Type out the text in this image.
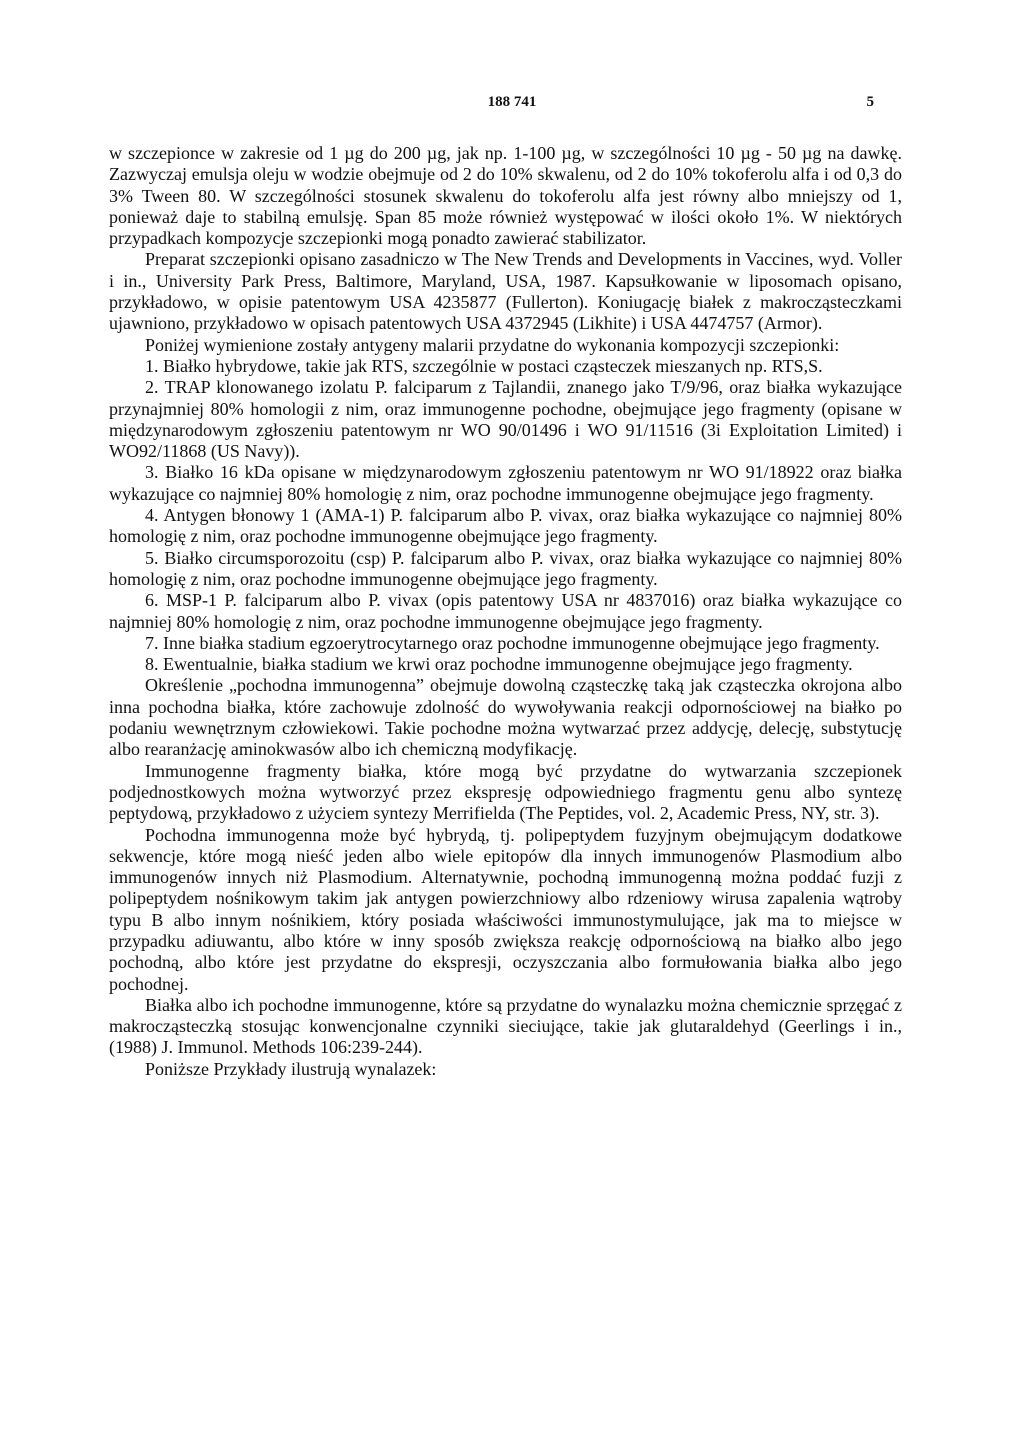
188 741	5

w szczepionce w zakresie od 1 µg do 200 µg, jak np. 1-100 µg, w szczególności 10 µg - 50 µg na dawkę. Zazwyczaj emulsja oleju w wodzie obejmuje od 2 do 10% skwalenu, od 2 do 10% tokoferolu alfa i od 0,3 do 3% Tween 80. W szczególności stosunek skwalenu do tokoferolu alfa jest równy albo mniejszy od 1, ponieważ daje to stabilną emulsję. Span 85 może również występować w ilości około 1%. W niektórych przypadkach kompozycje szczepionki mogą ponadto zawierać stabilizator.

Preparat szczepionki opisano zasadniczo w The New Trends and Developments in Vaccines, wyd. Voller i in., University Park Press, Baltimore, Maryland, USA, 1987. Kapsułkowanie w liposomach opisano, przykładowo, w opisie patentowym USA 4235877 (Fullerton). Koniugację białek z makrocząsteczkami ujawniono, przykładowo w opisach patentowych USA 4372945 (Likhite) i USA 4474757 (Armor).

Poniżej wymienione zostały antygeny malarii przydatne do wykonania kompozycji szczepionki:

1. Białko hybrydowe, takie jak RTS, szczególnie w postaci cząsteczek mieszanych np. RTS,S.

2. TRAP klonowanego izolatu P. falciparum z Tajlandii, znanego jako T/9/96, oraz białka wykazujące przynajmniej 80% homologii z nim, oraz immunogenne pochodne, obejmujące jego fragmenty (opisane w międzynarodowym zgłoszeniu patentowym nr WO 90/01496 i WO 91/11516 (3i Exploitation Limited) i WO92/11868 (US Navy)).

3. Białko 16 kDa opisane w międzynarodowym zgłoszeniu patentowym nr WO 91/18922 oraz białka wykazujące co najmniej 80% homologię z nim, oraz pochodne immunogenne obejmujące jego fragmenty.

4. Antygen błonowy 1 (AMA-1) P. falciparum albo P. vivax, oraz białka wykazujące co najmniej 80% homologię z nim, oraz pochodne immunogenne obejmujące jego fragmenty.

5. Białko circumsporozoitu (csp) P. falciparum albo P. vivax, oraz białka wykazujące co najmniej 80% homologię z nim, oraz pochodne immunogenne obejmujące jego fragmenty.

6. MSP-1 P. falciparum albo P. vivax (opis patentowy USA nr 4837016) oraz białka wykazujące co najmniej 80% homologię z nim, oraz pochodne immunogenne obejmujące jego fragmenty.

7. Inne białka stadium egzoerytrocytarnego oraz pochodne immunogenne obejmujące jego fragmenty.

8. Ewentualnie, białka stadium we krwi oraz pochodne immunogenne obejmujące jego fragmenty.

Określenie „pochodna immunogenna” obejmuje dowolną cząsteczkę taką jak cząsteczka okrojona albo inna pochodna białka, które zachowuje zdolność do wywoływania reakcji odpornościowej na białko po podaniu wewnętrznym człowiekowi. Takie pochodne można wytwarzać przez addycję, delecję, substytucję albo rearanżację aminokwasów albo ich chemiczną modyfikację.

Immunogenne fragmenty białka, które mogą być przydatne do wytwarzania szczepionek podjednostkowych można wytworzyć przez ekspresję odpowiedniego fragmentu genu albo syntezę peptydową, przykładowo z użyciem syntezy Merrifielda (The Peptides, vol. 2, Academic Press, NY, str. 3).

Pochodna immunogenna może być hybrydą, tj. polipeptydem fuzyjnym obejmującym dodatkowe sekwencje, które mogą nieść jeden albo wiele epitopów dla innych immunogenów Plasmodium albo immunogenów innych niż Plasmodium. Alternatywnie, pochodną immunogenną można poddać fuzji z polipeptydem nośnikowym takim jak antygen powierzchniowy albo rdzeniowy wirusa zapalenia wątroby typu B albo innym nośnikiem, który posiada właściwości immunostymulujące, jak ma to miejsce w przypadku adiuwantu, albo które w inny sposób zwiększa reakcję odpornościową na białko albo jego pochodną, albo które jest przydatne do ekspresji, oczyszczania albo formułowania białka albo jego pochodnej.

Białka albo ich pochodne immunogenne, które są przydatne do wynalazku można chemicznie sprzęgać z makrocząsteczką stosując konwencjonalne czynniki sieciujące, takie jak glutaraldehyd (Geerlings i in., (1988) J. Immunol. Methods 106:239-244).

Poniższe Przykłady ilustrują wynalazek:
